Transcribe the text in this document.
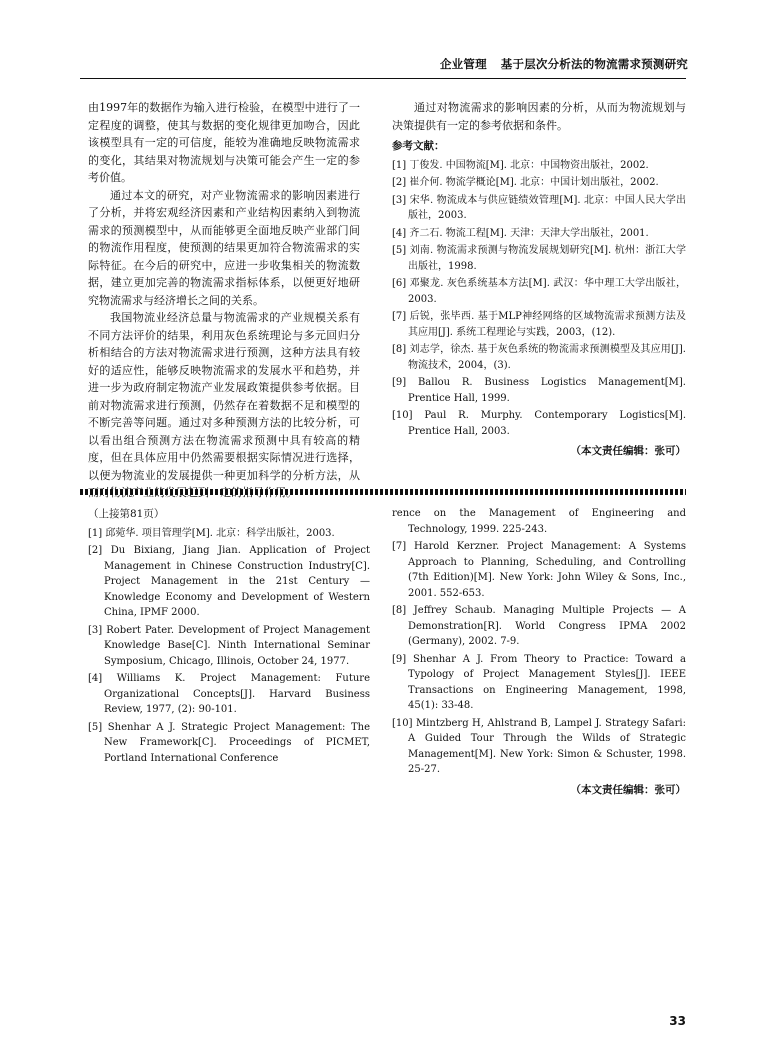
企业管理 基于层次分析法的物流需求预测研究

由1997年的数据作为输入进行检验，在模型中进行了一定程度的调整，使其与数据的变化规律更加吻合，因此该模型具有一定的可信度，能较为准确地反映物流需求的变化，其结果对物流规划与决策可能会产生一定的参考价值。

通过本文的研究，对产业物流需求的影响因素进行了分析，并将宏观经济因素和产业结构因素纳入到物流需求的预测模型中，从而能够更全面地反映产业部门间的物流作用程度，使预测的结果更加符合物流需求的实际特征。在今后的研究中，应进一步收集相关的物流数据，建立更加完善的物流需求指标体系，以便更好地研究物流需求与经济增长之间的关系。

我国物流业经济总量与物流需求的产业规模关系有不同方法评价的结果，利用灰色系统理论与多元回归分析相结合的方法对物流需求进行预测，这种方法具有较好的适应性，能够反映物流需求的发展水平和趋势，并进一步为政府制定物流产业发展政策提供参考依据。目前对物流需求进行预测，仍然存在着数据不足和模型的不断完善等问题。通过对多种预测方法的比较分析，可以看出组合预测方法在物流需求预测中具有较高的精度，但在具体应用中仍然需要根据实际情况进行选择，以便为物流业的发展提供一种更加科学的分析方法，从

通过对物流需求的影响因素的分析，从而为物流规划与决策提供有一定的参考依据和条件。

参考文献：
[1] 丁俊发. 中国物流[M]. 北京：中国物资出版社，2002.
[2] 崔介何. 物流学概论[M]. 北京：中国计划出版社，2002.
[3] 宋华. 物流成本与供应链绩效管理[M]. 北京：中国人民大学出版社，2003.
[4] 齐二石. 物流工程[M]. 天津：天津大学出版社，2001.
[5] 刘南. 物流需求预测与物流发展规划研究[M]. 杭州：浙江大学出版社，1998.
[6] 邓聚龙. 灰色系统基本方法[M]. 武汉：华中理工大学出版社，2003.
[7] 后锐，张毕西. 基于MLP神经网络的区域物流需求预测方法及其应用[J]. 系统工程理论与实践，2003，(12).
[8] 刘志学，徐杰. 基于灰色系统的物流需求预测模型及其应用[J]. 物流技术，2004，(3).
[9] Ballou R. Business Logistics Management[M]. Prentice Hall, 1999.
[10] Paul R. Murphy. Contemporary Logistics[M]. Prentice Hall, 2003.
（本文责任编辑：张可）
（上接第81页）
[1] 邱菀华. 项目管理学[M]. 北京：科学出版社，2003.
[2] Du Bixiang, Jiang Jian. Application of Project Management in Chinese Construction Industry[C]. Project Management in the 21st Century — Knowledge Economy and Development of Western China, IPMF 2000.
[3] Robert Pater. Development of Project Management Knowledge Base[C]. Ninth International Seminar Symposium, Chicago, Illinois, October 24, 1977.
[4] Williams K. Project Management: Future Organizational Concepts[J]. Harvard Business Review, 1977, (2): 90-101.
[5] Shenhar A J. Strategic Project Management: The New Framework[C]. Proceedings of PICMET, Portland International Conference
rence on the Management of Engineering and Technology, 1999. 225-243.
[7] Harold Kerzner. Project Management: A Systems Approach to Planning, Scheduling, and Controlling (7th Edition)[M]. New York: John Wiley & Sons, Inc., 2001. 552-653.
[8] Jeffrey Schaub. Managing Multiple Projects — A Demonstration[R]. World Congress IPMA 2002 (Germany), 2002. 7-9.
[9] Shenhar A J. From Theory to Practice: Toward a Typology of Project Management Styles[J]. IEEE Transactions on Engineering Management, 1998, 45(1): 33-48.
[10] Mintzberg H, Ahlstrand B, Lampel J. Strategy Safari: A Guided Tour Through the Wilds of Strategic Management[M]. New York: Simon & Schuster, 1998. 25-27.
（本文责任编辑：张可）
33
